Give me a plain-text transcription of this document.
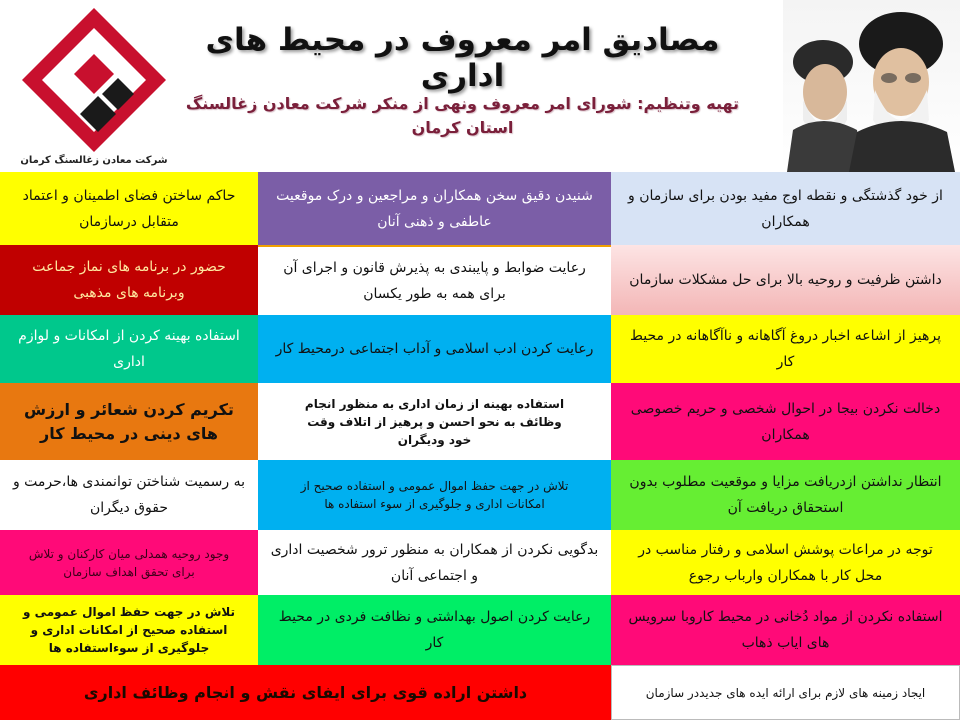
شرکت معادن زغالسنگ کرمان
مصادیق امر معروف در محیط های اداری
تهیه وتنظیم: شورای امر معروف ونهی از منکر شرکت معادن زغالسنگ
استان کرمان
از خود گذشتگی و نقطه اوج مفید بودن برای سازمان و همکاران
شنیدن دقیق سخن همکاران و مراجعین و درک موقعیت عاطفی و ذهنی آنان
حاکم ساختن فضای اطمینان و اعتماد متقابل درسازمان
داشتن ظرفیت و روحیه بالا برای حل مشکلات سازمان
رعایت ضوابط و پایبندی به پذیرش قانون و اجرای آن برای همه به طور یکسان
حضور در برنامه های نماز جماعت وبرنامه های مذهبی
پرهیز از اشاعه اخبار دروغ آگاهانه و ناآگاهانه در محیط کار
رعایت کردن ادب اسلامی و آداب اجتماعی درمحیط کار
استفاده بهینه کردن از امکانات و لوازم اداری
دخالت نکردن بیجا در احوال شخصی و حریم خصوصی همکاران
استفاده بهینه از زمان اداری به منظور انجام وظائف به نحو احسن و پرهیز از اتلاف وقت خود وديگران
تکریم کردن شعائر و ارزش های دینی در محیط کار
انتظار نداشتن ازدریافت مزایا و موقعیت مطلوب بدون استحقاق دریافت آن
تلاش در جهت حفظ اموال عمومی و استفاده صحیح از امکانات اداری و جلوگیری از سوء استفاده ها
به رسمیت شناختن توانمندی ها،حرمت و حقوق دیگران
توجه در مراعات پوشش اسلامی و رفتار مناسب در محل کار با همکاران وارباب رجوع
بدگویی نکردن از همکاران به منظور ترور شخصیت اداری و اجتماعی آنان
وجود روحیه همدلی میان کارکنان و تلاش برای تحقق اهداف سازمان
استفاده نکردن از مواد دُخانی در محیط کاروبا سرویس های ایاب ذهاب
رعایت کردن اصول بهداشتی و نظافت فردی در محیط کار
تلاش در جهت حفظ اموال عمومی و استفاده صحیح از امکانات اداری و جلوگیری از سوءاستفاده ها
ایجاد زمینه های لازم برای ارائه ایده های جدیددر سازمان
داشتن اراده قوی برای ایفای نقش و انجام وظائف اداری
